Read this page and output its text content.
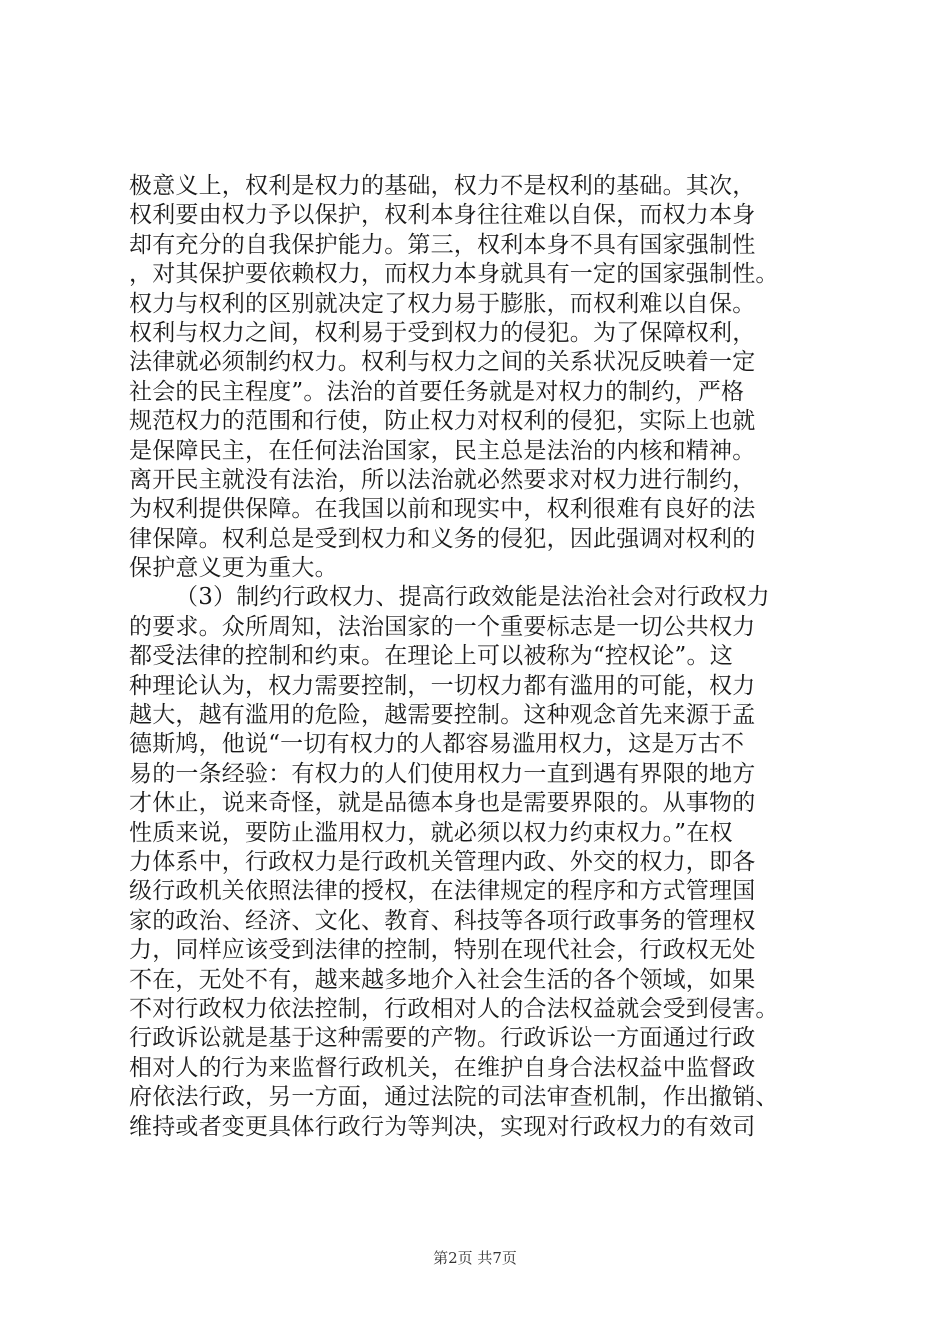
极意义上，权利是权力的基础，权力不是权利的基础。其次，
权利要由权力予以保护，权利本身往往难以自保，而权力本身
却有充分的自我保护能力。第三，权利本身不具有国家强制性
，对其保护要依赖权力，而权力本身就具有一定的国家强制性。
权力与权利的区别就决定了权力易于膨胀，而权利难以自保。
权利与权力之间，权利易于受到权力的侵犯。为了保障权利，
法律就必须制约权力。权利与权力之间的关系状况反映着一定
社会的民主程度”。法治的首要任务就是对权力的制约，严格
规范权力的范围和行使，防止权力对权利的侵犯，实际上也就
是保障民主，在任何法治国家，民主总是法治的内核和精神。
离开民主就没有法治，所以法治就必然要求对权力进行制约，
为权利提供保障。在我国以前和现实中，权利很难有良好的法
律保障。权利总是受到权力和义务的侵犯，因此强调对权利的
保护意义更为重大。
（3）制约行政权力、提高行政效能是法治社会对行政权力
的要求。众所周知，法治国家的一个重要标志是一切公共权力
都受法律的控制和约束。在理论上可以被称为“控权论”。这
种理论认为，权力需要控制，一切权力都有滥用的可能，权力
越大，越有滥用的危险，越需要控制。这种观念首先来源于孟
德斯鸠，他说“一切有权力的人都容易滥用权力，这是万古不
易的一条经验：有权力的人们使用权力一直到遇有界限的地方
才休止，说来奇怪，就是品德本身也是需要界限的。从事物的
性质来说，要防止滥用权力，就必须以权力约束权力。”在权
力体系中，行政权力是行政机关管理内政、外交的权力，即各
级行政机关依照法律的授权，在法律规定的程序和方式管理国
家的政治、经济、文化、教育、科技等各项行政事务的管理权
力，同样应该受到法律的控制，特别在现代社会，行政权无处
不在，无处不有，越来越多地介入社会生活的各个领域，如果
不对行政权力依法控制，行政相对人的合法权益就会受到侵害。
行政诉讼就是基于这种需要的产物。行政诉讼一方面通过行政
相对人的行为来监督行政机关，在维护自身合法权益中监督政
府依法行政，另一方面，通过法院的司法审查机制，作出撤销、
维持或者变更具体行政行为等判决，实现对行政权力的有效司
第2页 共7页
